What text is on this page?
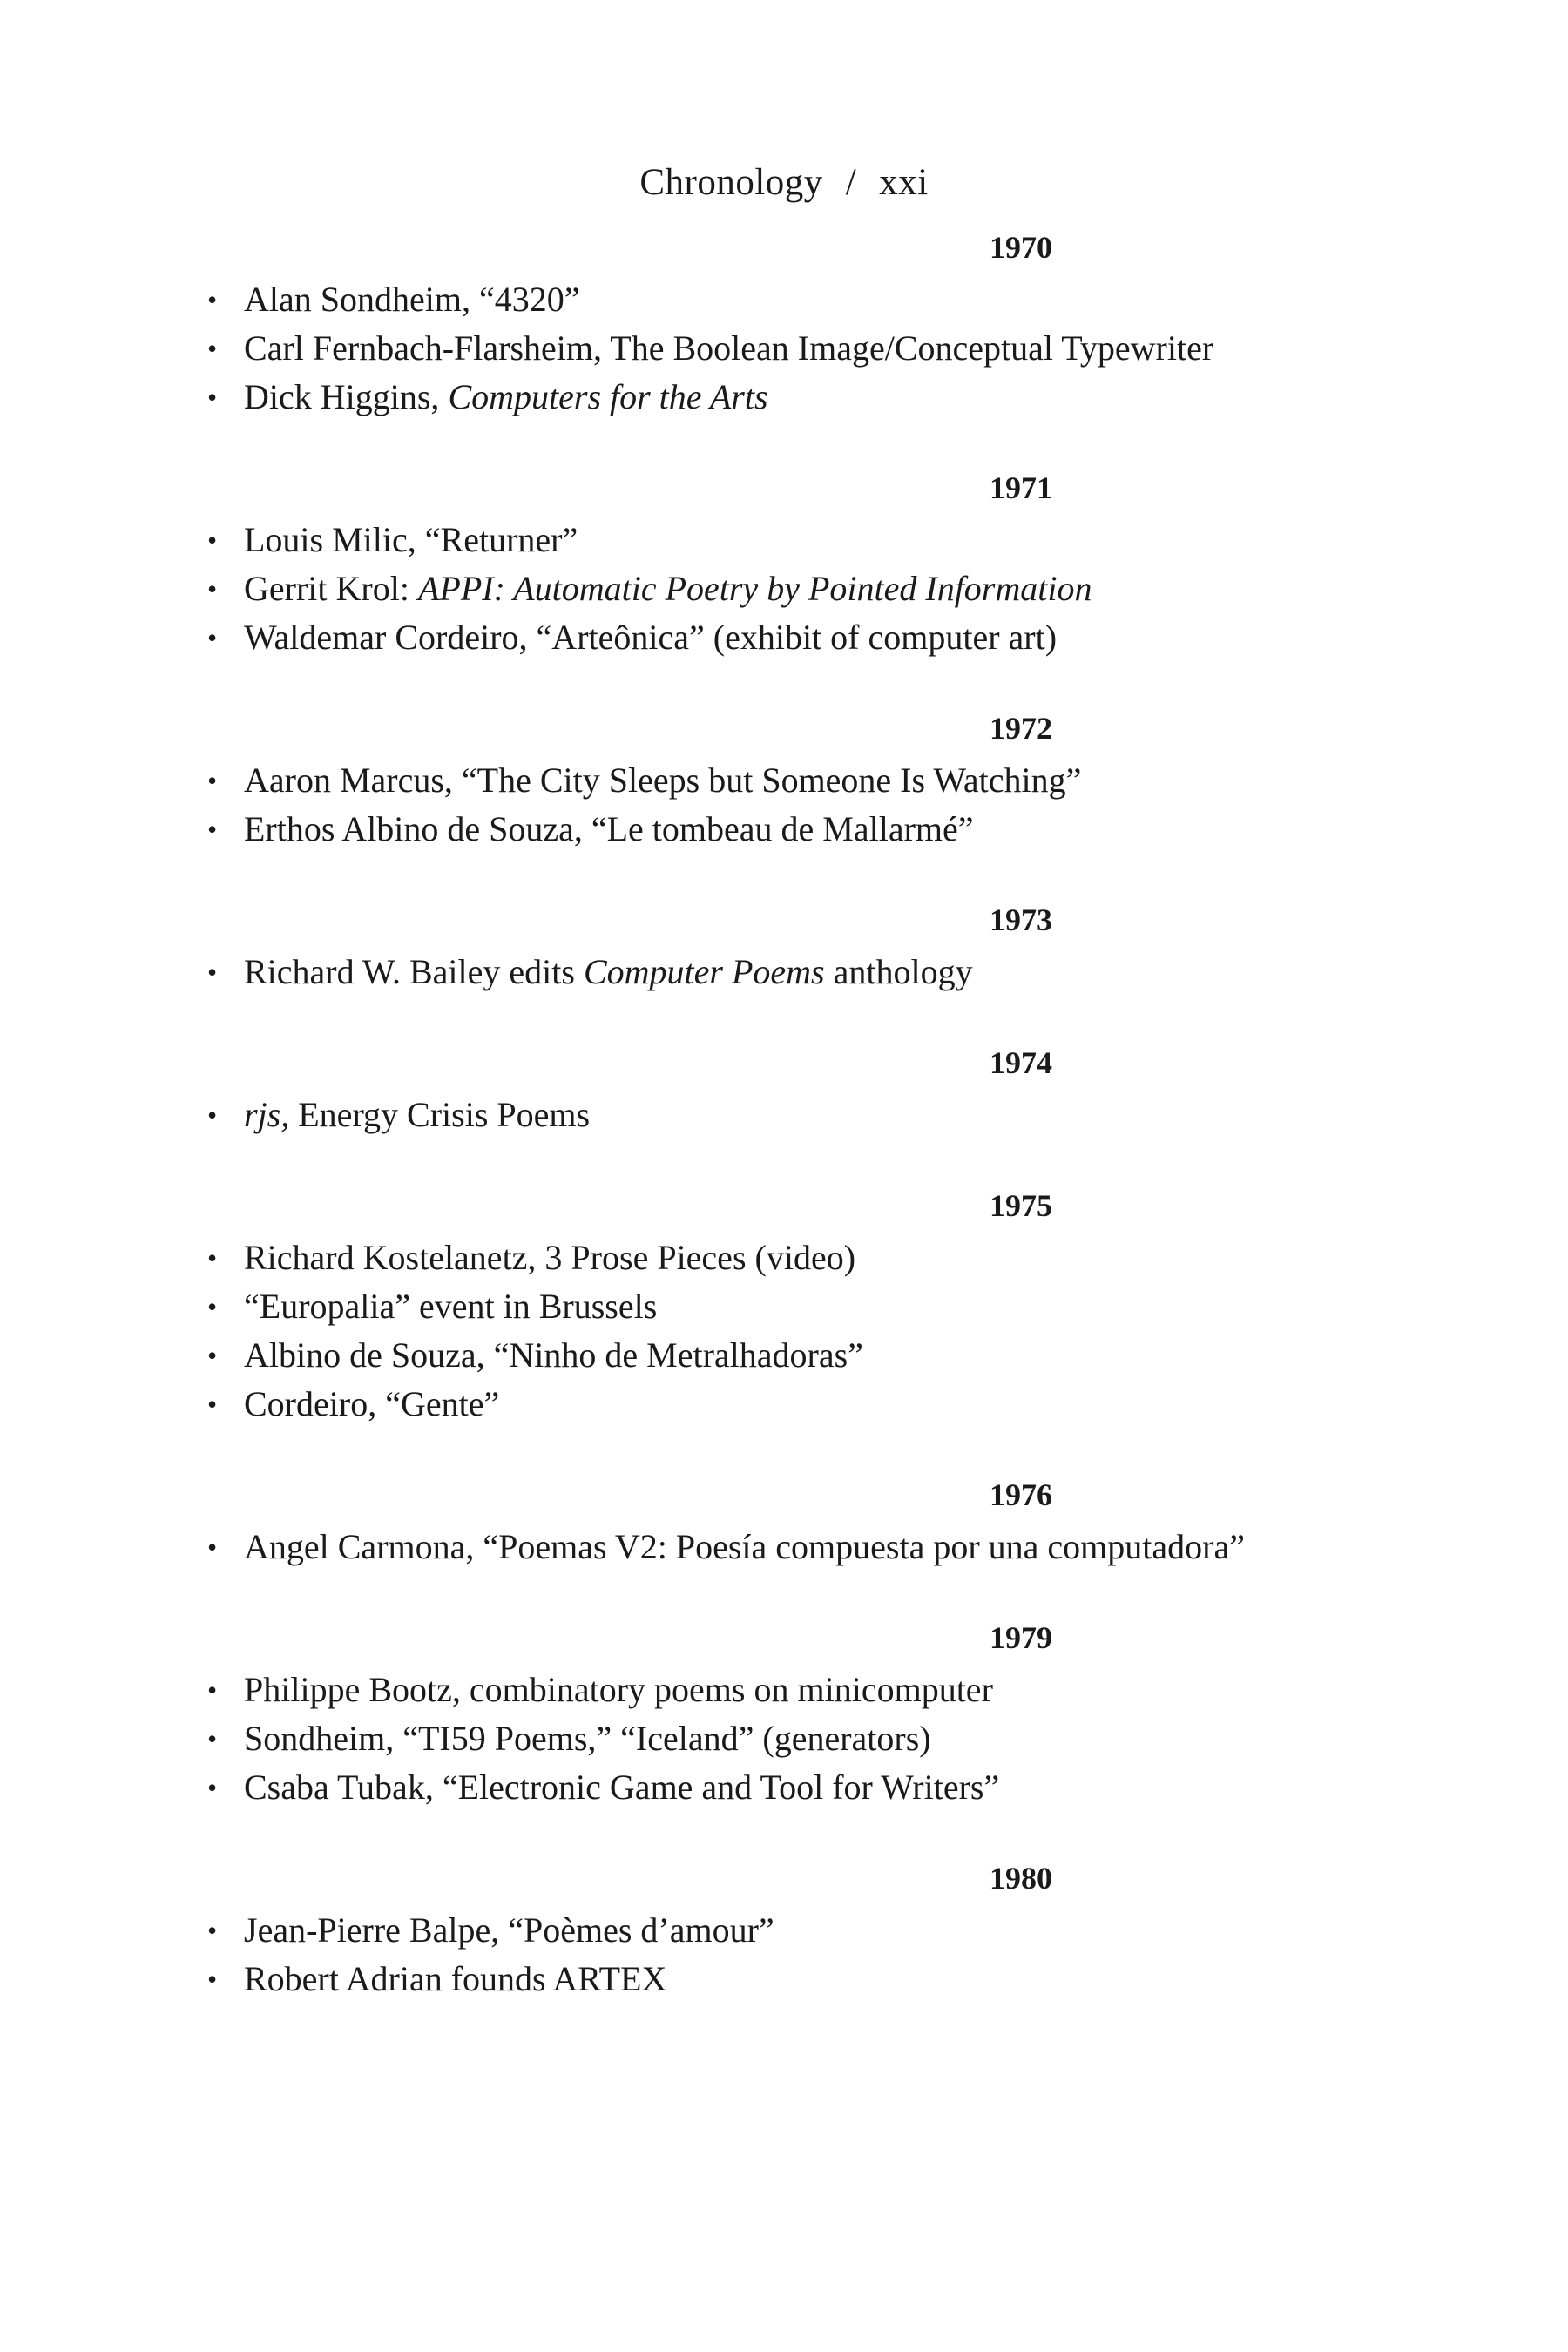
Chronology / xxi
1970
• Alan Sondheim, “4320”
• Carl Fernbach-Flarsheim, The Boolean Image/Conceptual Typewriter
• Dick Higgins, Computers for the Arts
1971
• Louis Milic, “Returner”
• Gerrit Krol: APPI: Automatic Poetry by Pointed Information
• Waldemar Cordeiro, “Arteônica” (exhibit of computer art)
1972
• Aaron Marcus, “The City Sleeps but Someone Is Watching”
• Erthos Albino de Souza, “Le tombeau de Mallarmé”
1973
• Richard W. Bailey edits Computer Poems anthology
1974
• rjs, Energy Crisis Poems
1975
• Richard Kostelanetz, 3 Prose Pieces (video)
• “Europalia” event in Brussels
• Albino de Souza, “Ninho de Metralhadoras”
• Cordeiro, “Gente”
1976
• Angel Carmona, “Poemas V2: Poesía compuesta por una computadora”
1979
• Philippe Bootz, combinatory poems on minicomputer
• Sondheim, “TI59 Poems,” “Iceland” (generators)
• Csaba Tubak, “Electronic Game and Tool for Writers”
1980
• Jean-Pierre Balpe, “Poèmes d’amour”
• Robert Adrian founds ARTEX
